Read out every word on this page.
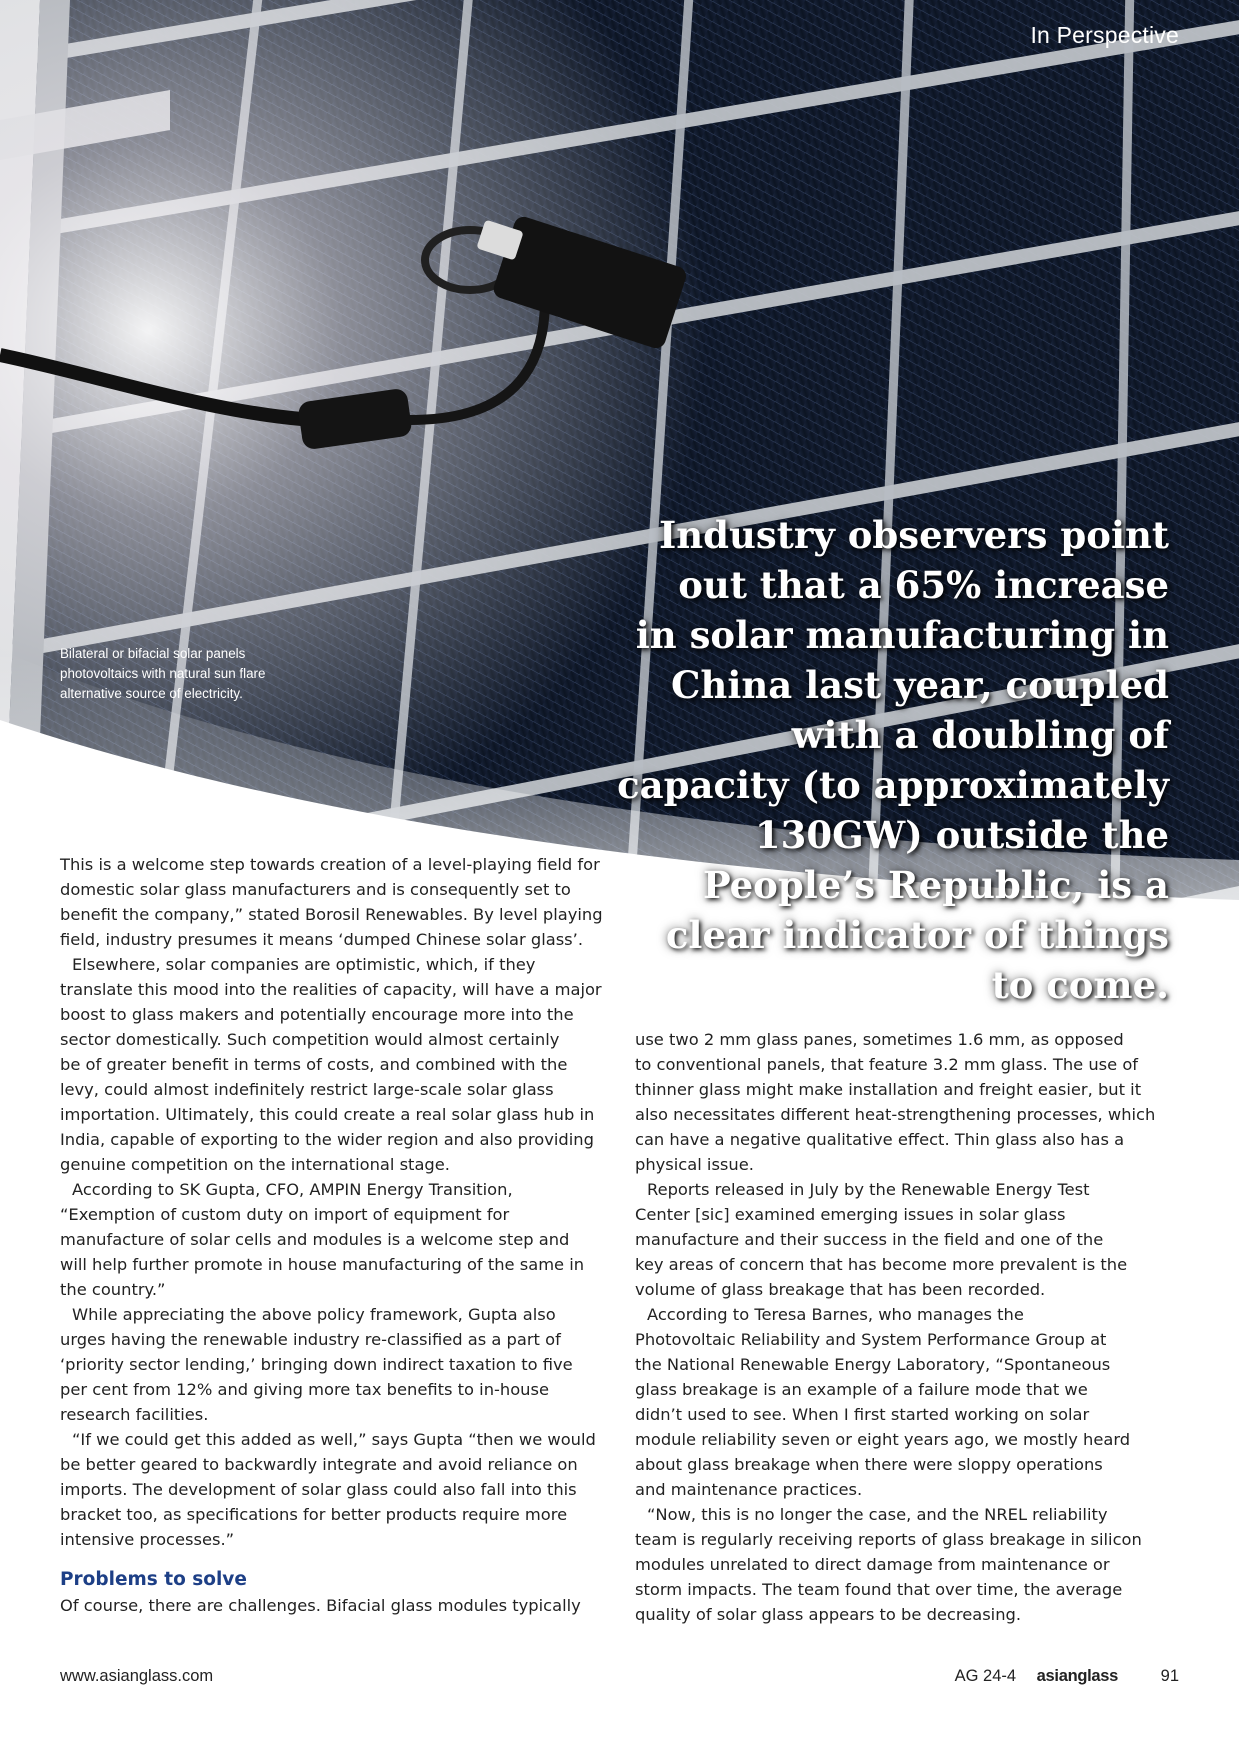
In Perspective
Bilateral or bifacial solar panels
photovoltaics with natural sun flare
alternative source of electricity.
Industry observers point
out that a 65% increase
in solar manufacturing in
China last year, coupled
with a doubling of
capacity (to approximately
130GW) outside the
People’s Republic, is a
clear indicator of things
to come.
This is a welcome step towards creation of a level-playing field for
domestic solar glass manufacturers and is consequently set to
benefit the company,” stated Borosil Renewables. By level playing
field, industry presumes it means ‘dumped Chinese solar glass’.
Elsewhere, solar companies are optimistic, which, if they
translate this mood into the realities of capacity, will have a major
boost to glass makers and potentially encourage more into the
sector domestically. Such competition would almost certainly
be of greater benefit in terms of costs, and combined with the
levy, could almost indefinitely restrict large-scale solar glass
importation. Ultimately, this could create a real solar glass hub in
India, capable of exporting to the wider region and also providing
genuine competition on the international stage.
According to SK Gupta, CFO, AMPIN Energy Transition,
“Exemption of custom duty on import of equipment for
manufacture of solar cells and modules is a welcome step and
will help further promote in house manufacturing of the same in
the country.”
While appreciating the above policy framework, Gupta also
urges having the renewable industry re-classified as a part of
‘priority sector lending,’ bringing down indirect taxation to five
per cent from 12% and giving more tax benefits to in-house
research facilities.
“If we could get this added as well,” says Gupta “then we would
be better geared to backwardly integrate and avoid reliance on
imports. The development of solar glass could also fall into this
bracket too, as specifications for better products require more
intensive processes.”
Problems to solve
Of course, there are challenges. Bifacial glass modules typically
use two 2 mm glass panes, sometimes 1.6 mm, as opposed
to conventional panels, that feature 3.2 mm glass. The use of
thinner glass might make installation and freight easier, but it
also necessitates different heat-strengthening processes, which
can have a negative qualitative effect. Thin glass also has a
physical issue.
Reports released in July by the Renewable Energy Test
Center [sic] examined emerging issues in solar glass
manufacture and their success in the field and one of the
key areas of concern that has become more prevalent is the
volume of glass breakage that has been recorded.
According to Teresa Barnes, who manages the
Photovoltaic Reliability and System Performance Group at
the National Renewable Energy Laboratory, “Spontaneous
glass breakage is an example of a failure mode that we
didn’t used to see. When I first started working on solar
module reliability seven or eight years ago, we mostly heard
about glass breakage when there were sloppy operations
and maintenance practices.
“Now, this is no longer the case, and the NREL reliability
team is regularly receiving reports of glass breakage in silicon
modules unrelated to direct damage from maintenance or
storm impacts. The team found that over time, the average
quality of solar glass appears to be decreasing.
www.asianglass.com	AG 24-4 asianglass	91
